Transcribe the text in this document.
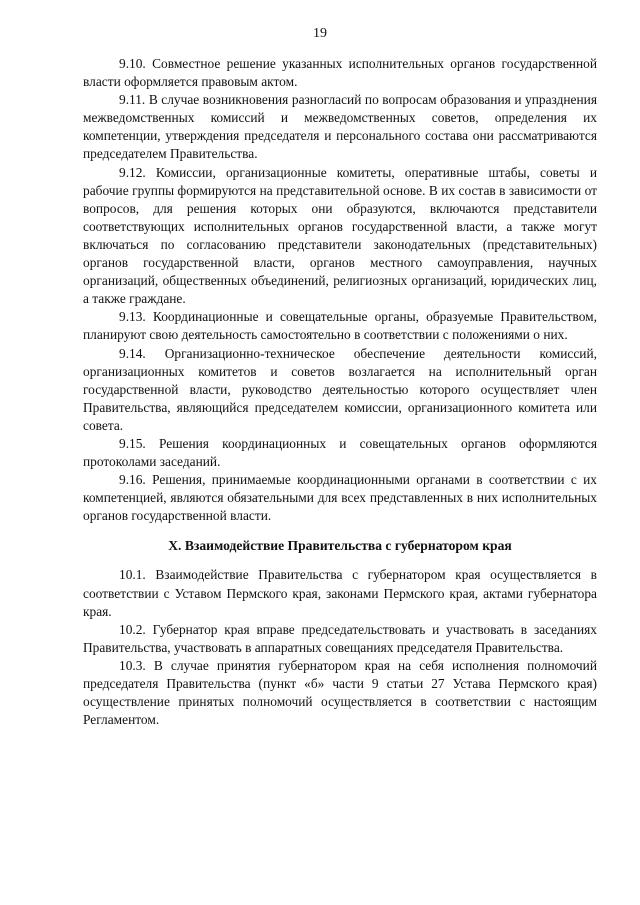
19

9.10. Совместное решение указанных исполнительных органов государственной власти оформляется правовым актом.

9.11. В случае возникновения разногласий по вопросам образования и упразднения межведомственных комиссий и межведомственных советов, определения их компетенции, утверждения председателя и персонального состава они рассматриваются председателем Правительства.

9.12. Комиссии, организационные комитеты, оперативные штабы, советы и рабочие группы формируются на представительной основе. В их состав в зависимости от вопросов, для решения которых они образуются, включаются представители соответствующих исполнительных органов государственной власти, а также могут включаться по согласованию представители законодательных (представительных) органов государственной власти, органов местного самоуправления, научных организаций, общественных объединений, религиозных организаций, юридических лиц, а также граждане.

9.13. Координационные и совещательные органы, образуемые Правительством, планируют свою деятельность самостоятельно в соответствии с положениями о них.

9.14. Организационно-техническое обеспечение деятельности комиссий, организационных комитетов и советов возлагается на исполнительный орган государственной власти, руководство деятельностью которого осуществляет член Правительства, являющийся председателем комиссии, организационного комитета или совета.

9.15. Решения координационных и совещательных органов оформляются протоколами заседаний.

9.16. Решения, принимаемые координационными органами в соответствии с их компетенцией, являются обязательными для всех представленных в них исполнительных органов государственной власти.

X. Взаимодействие Правительства с губернатором края

10.1. Взаимодействие Правительства с губернатором края осуществляется в соответствии с Уставом Пермского края, законами Пермского края, актами губернатора края.

10.2. Губернатор края вправе председательствовать и участвовать в заседаниях Правительства, участвовать в аппаратных совещаниях председателя Правительства.

10.3. В случае принятия губернатором края на себя исполнения полномочий председателя Правительства (пункт «б» части 9 статьи 27 Устава Пермского края) осуществление принятых полномочий осуществляется в соответствии с настоящим Регламентом.
